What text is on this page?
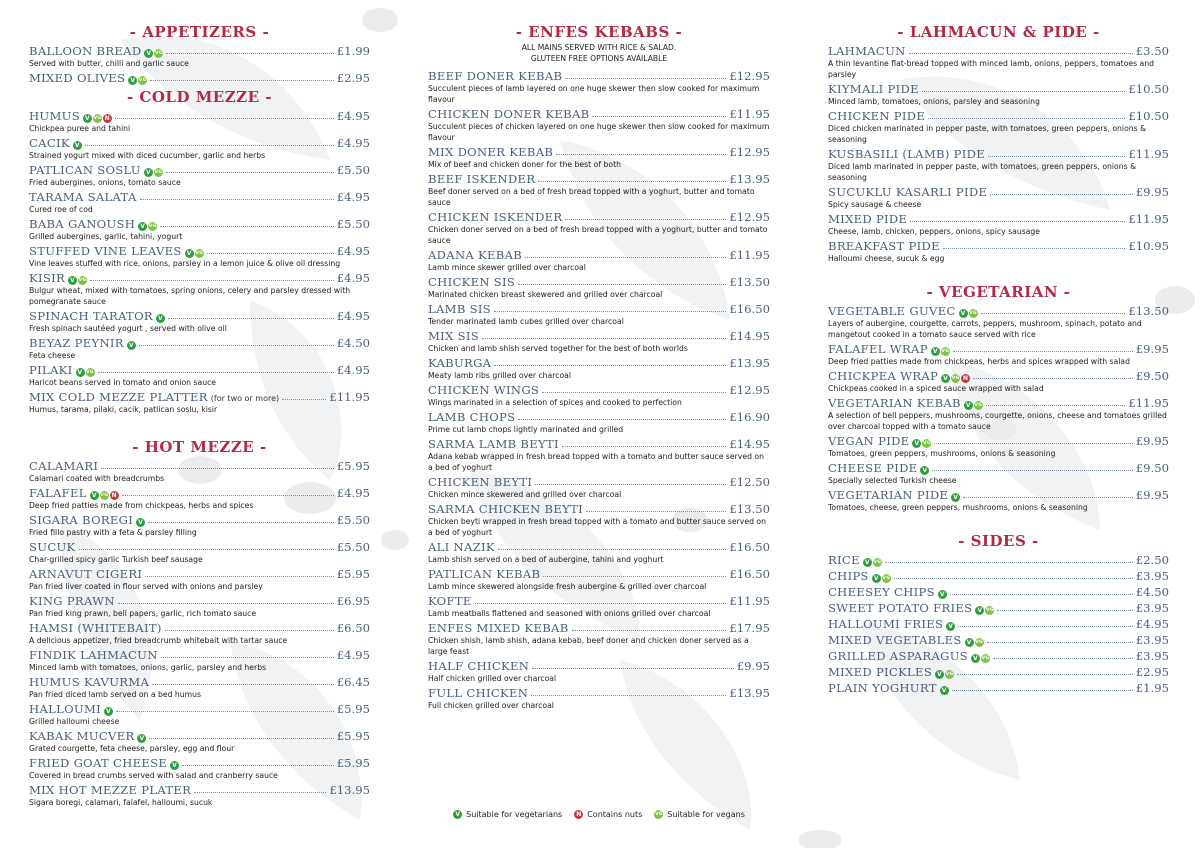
- APPETIZERS -
BALLOON BREAD V VG	£1.99
Served with butter, chilli and garlic sauce
MIXED OLIVES V VG	£2.95
- COLD MEZZE -
HUMUS V VG N	£4.95
Chickpea puree and tahini
CACIK V	£4.95
Strained yogurt mixed with diced cucumber, garlic and herbs
PATLICAN SOSLU V VG	£5.50
Fried aubergines, onions, tomato sauce
TARAMA SALATA	£4.95
Cured roe of cod
BABA GANOUSH V VG	£5.50
Grilled aubergines, garlic, tahini, yogurt
STUFFED VINE LEAVES V VG	£4.95
Vine leaves stuffed with rice, onions, parsley in a lemon juice & olive oil dressing
KISIR V VG	£4.95
Bulgur wheat, mixed with tomatoes, spring onions, celery and parsley dressed with pomegranate sauce
SPINACH TARATOR V	£4.95
Fresh spinach sautéed yogurt , served with olive oil
BEYAZ PEYNIR V	£4.50
Feta cheese
PILAKI V VG	£4.95
Haricot beans served in tomato and onion sauce
MIX COLD MEZZE PLATTER (for two or more)	£11.95
Humus, tarama, pilaki, cacik, patlican soslu, kisir
- HOT MEZZE -
CALAMARI	£5.95
Calamari coated with breadcrumbs
FALAFEL V VG N	£4.95
Deep fried patties made from chickpeas, herbs and spices
SIGARA BOREGI V	£5.50
Fried fillo pastry with a feta & parsley filling
SUCUK	£5.50
Char-grilled spicy garlic Turkish beef sausage
ARNAVUT CIGERI	£5.95
Pan fried liver coated in flour served with onions and parsley
KING PRAWN	£6.95
Pan fried king prawn, bell papers, garlic, rich tomato sauce
HAMSI (WHITEBAIT)	£6.50
A delicious appetizer, fried breadcrumb whitebait with tartar sauce
FINDIK LAHMACUN	£4.95
Minced lamb with tomatoes, onions, garlic, parsley and herbs
HUMUS KAVURMA	£6.45
Pan fried diced lamb served on a bed humus
HALLOUMI V	£5.95
Grilled halloumi cheese
KABAK MUCVER V	£5.95
Grated courgette, feta cheese, parsley, egg and flour
FRIED GOAT CHEESE V	£5.95
Covered in bread crumbs served with salad and cranberry sauce
MIX HOT MEZZE PLATER	£13.95
Sigara boregi, calamari, falafel, halloumi, sucuk
- ENFES KEBABS -
ALL MAINS SERVED WITH RICE & SALAD.
GLUTEEN FREE OPTIONS AVAILABLE
BEEF DONER KEBAB	£12.95
Succulent pieces of lamb layered on one huge skewer then slow cooked for maximum flavour
CHICKEN DONER KEBAB	£11.95
Succulent pieces of chicken layered on one huge skewer then slow cooked for maximum flavour
MIX DONER KEBAB	£12.95
Mix of beef and chicken doner for the best of both
BEEF ISKENDER	£13.95
Beef doner served on a bed of fresh bread topped with a yoghurt, butter and tomato sauce
CHICKEN ISKENDER	£12.95
Chicken doner served on a bed of fresh bread topped with a yoghurt, butter and tomato sauce
ADANA KEBAB	£11.95
Lamb mince skewer grilled over charcoal
CHICKEN SIS	£13.50
Marinated chicken breast skewered and grilled over charcoal
LAMB SIS	£16.50
Tender marinated lamb cubes grilled over charcoal
MIX SIS	£14.95
Chicken and lamb shish served together for the best of both worlds
KABURGA	£13.95
Meaty lamb ribs grilled over charcoal
CHICKEN WINGS	£12.95
Wings marinated in a selection of spices and cooked to perfection
LAMB CHOPS	£16.90
Prime cut lamb chops lightly marinated and grilled
SARMA LAMB BEYTI	£14.95
Adana kebab wrapped in fresh bread topped with a tomato and butter sauce served on a bed of yoghurt
CHICKEN BEYTI	£12.50
Chicken mince skewered and grilled over charcoal
SARMA CHICKEN BEYTI	£13.50
Chicken beyti wrapped in fresh bread topped with a tomato and butter sauce served on a bed of yoghurt
ALI NAZIK	£16.50
Lamb shish served on a bed of aubergine, tahini and yoghurt
PATLICAN KEBAB	£16.50
Lamb mince skewered alongside fresh aubergine & grilled over charcoal
KOFTE	£11.95
Lamb meatballs flattened and seasoned with onions grilled over charcoal
ENFES MIXED KEBAB	£17.95
Chicken shish, lamb shish, adana kebab, beef doner and chicken doner served as a large feast
HALF CHICKEN	£9.95
Half chicken grilled over charcoal
FULL CHICKEN	£13.95
Full chicken grilled over charcoal
- LAHMACUN & PIDE -
LAHMACUN	£3.50
A thin levantine flat-bread topped with minced lamb, onions, peppers, tomatoes and parsley
KIYMALI PIDE	£10.50
Minced lamb, tomatoes, onions, parsley and seasoning
CHICKEN PIDE	£10.50
Diced chicken marinated in pepper paste, with tomatoes, green peppers, onions & seasoning
KUSBASILI (LAMB) PIDE	£11.95
Diced lamb marinated in pepper paste, with tomatoes, green peppers, onions & seasoning
SUCUKLU KASARLI PIDE	£9.95
Spicy sausage & cheese
MIXED PIDE	£11.95
Cheese, lamb, chicken, peppers, onions, spicy sausage
BREAKFAST PIDE	£10.95
Halloumi cheese, sucuk & egg
- VEGETARIAN -
VEGETABLE GUVEC V VG	£13.50
Layers of aubergine, courgette, carrots, peppers, mushroom, spinach, potato and mangetout cooked in a tomato sauce served with rice
FALAFEL WRAP V VG	£9.95
Deep fried patties made from chickpeas, herbs and spices wrapped with salad
CHICKPEA WRAP V VG N	£9.50
Chickpeas cooked in a spiced sauce wrapped with salad
VEGETARIAN KEBAB V VG	£11.95
A selection of bell peppers, mushrooms, courgette, onions, cheese and tomatoes grilled over charcoal topped with a tomato sauce
VEGAN PIDE V VG	£9.95
Tomatoes, green peppers, mushrooms, onions & seasoning
CHEESE PIDE V	£9.50
Specially selected Turkish cheese
VEGETARIAN PIDE V	£9.95
Tomatoes, cheese, green peppers, mushrooms, onions & seasoning
- SIDES -
RICE V VG	£2.50
CHIPS V VG	£3.95
CHEESEY CHIPS V	£4.50
SWEET POTATO FRIES V VG	£3.95
HALLOUMI FRIES V	£4.95
MIXED VEGETABLES V VG	£3.95
GRILLED ASPARAGUS V VG	£3.95
MIXED PICKLES V VG	£2.95
PLAIN YOGHURT V	£1.95
V Suitable for vegetarians	N Contains nuts	VG Suitable for vegans
